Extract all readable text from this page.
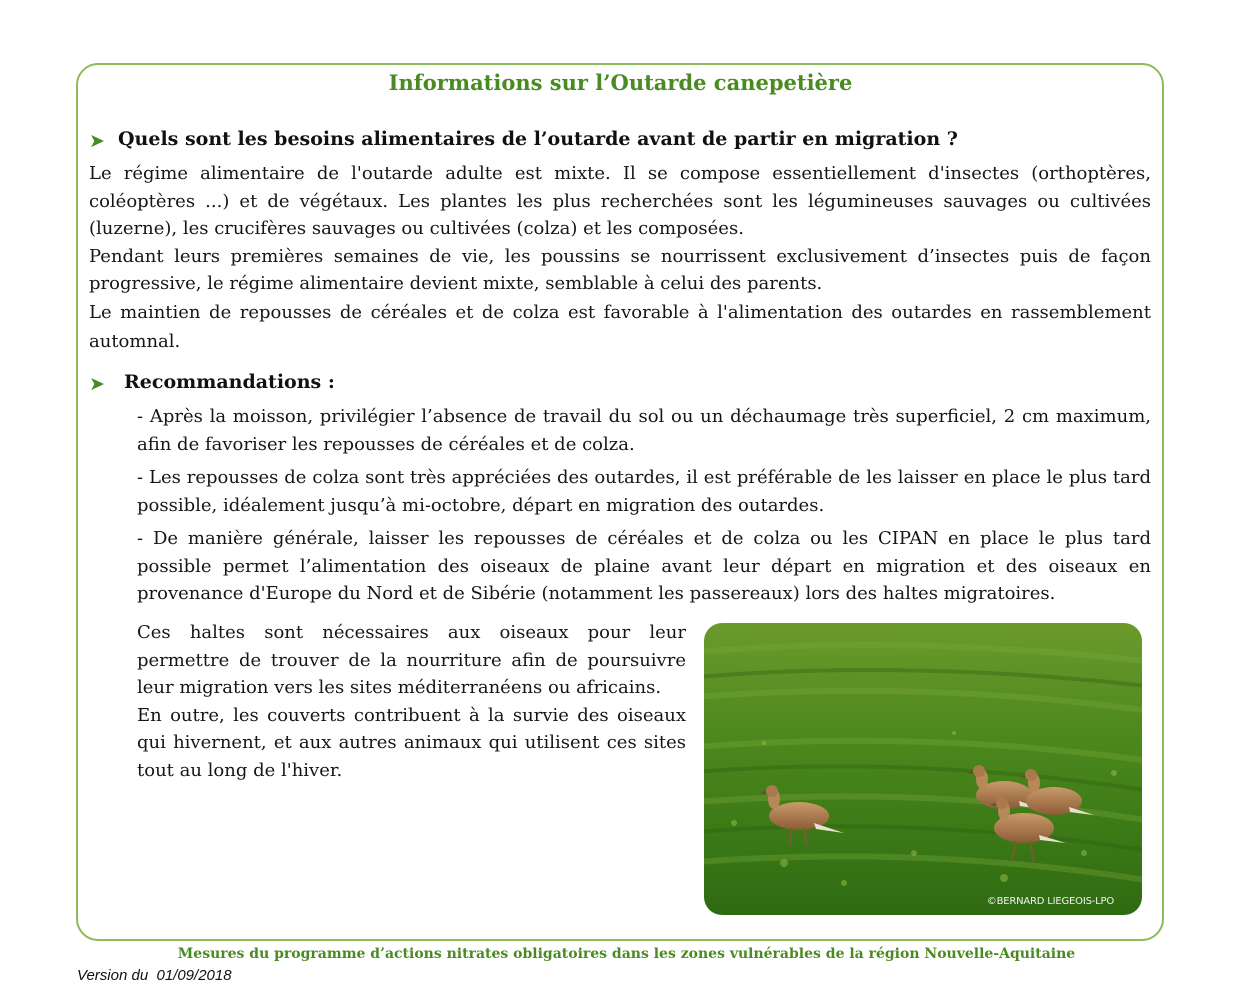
Informations sur l’Outarde canepetière
➤ Quels sont les besoins alimentaires de l’outarde avant de partir en migration ?

Le régime alimentaire de l'outarde adulte est mixte. Il se compose essentiellement d'insectes (orthoptères, coléoptères ...) et de végétaux. Les plantes les plus recherchées sont les légumineuses sauvages ou cultivées (luzerne), les crucifères sauvages ou cultivées (colza) et les composées.

Pendant leurs premières semaines de vie, les poussins se nourrissent exclusivement d’insectes puis de façon progressive, le régime alimentaire devient mixte, semblable à celui des parents.

Le maintien de repousses de céréales et de colza est favorable à l'alimentation des outardes en rassemblement automnal.

➤ Recommandations :
- Après la moisson, privilégier l’absence de travail du sol ou un déchaumage très superficiel, 2 cm maximum, afin de favoriser les repousses de céréales et de colza.
- Les repousses de colza sont très appréciées des outardes, il est préférable de les laisser en place le plus tard possible, idéalement jusqu’à mi-octobre, départ en migration des outardes.
- De manière générale, laisser les repousses de céréales et de colza ou les CIPAN en place le plus tard possible permet l’alimentation des oiseaux de plaine avant leur départ en migration et des oiseaux en provenance d'Europe du Nord et de Sibérie (notamment les passereaux) lors des haltes migratoires.

Ces haltes sont nécessaires aux oiseaux pour leur permettre de trouver de la nourriture afin de poursuivre leur migration vers les sites méditerranéens ou africains.

En outre, les couverts contribuent à la survie des oiseaux qui hivernent, et aux autres animaux qui utilisent ces sites tout au long de l'hiver.

©BERNARD LIEGEOIS-LPO
Mesures du programme d’actions nitrates obligatoires dans les zones vulnérables de la région Nouvelle-Aquitaine
Version du  01/09/2018
